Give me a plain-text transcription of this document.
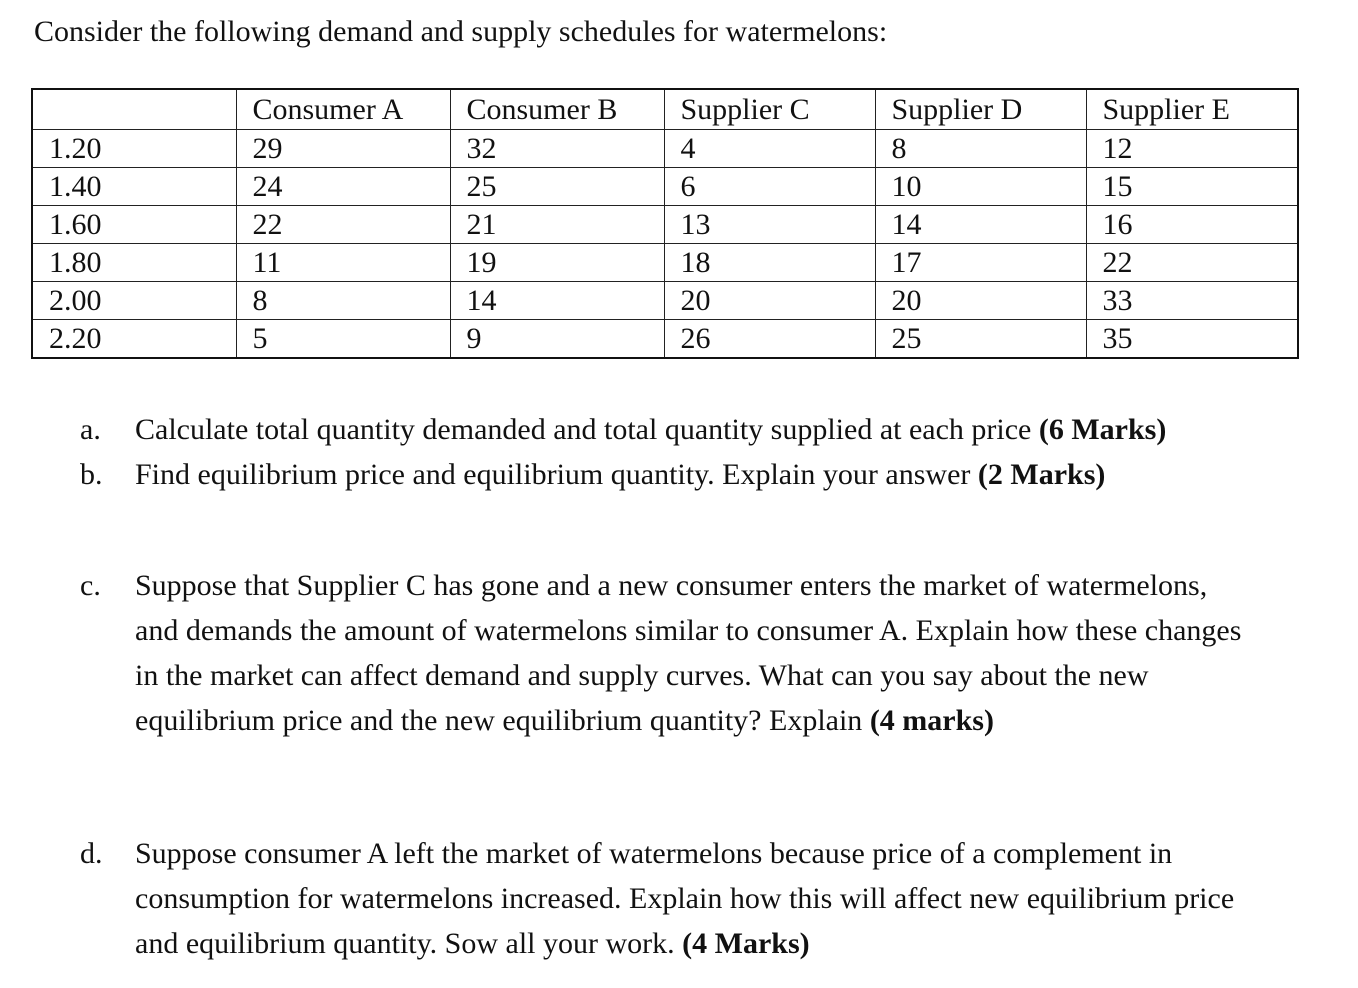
Consider the following demand and supply schedules for watermelons:
	Consumer A	Consumer B	Supplier C	Supplier D	Supplier E
1.20	29	32	4	8	12
1.40	24	25	6	10	15
1.60	22	21	13	14	16
1.80	11	19	18	17	22
2.00	8	14	20	20	33
2.20	5	9	26	25	35
a.	Calculate total quantity demanded and total quantity supplied at each price (6 Marks)
b.	Find equilibrium price and equilibrium quantity. Explain your answer (2 Marks)
c.	Suppose that Supplier C has gone and a new consumer enters the market of watermelons, and demands the amount of watermelons similar to consumer A. Explain how these changes in the market can affect demand and supply curves. What can you say about the new equilibrium price and the new equilibrium quantity? Explain (4 marks)
d.	Suppose consumer A left the market of watermelons because price of a complement in consumption for watermelons increased. Explain how this will affect new equilibrium price and equilibrium quantity. Sow all your work. (4 Marks)
